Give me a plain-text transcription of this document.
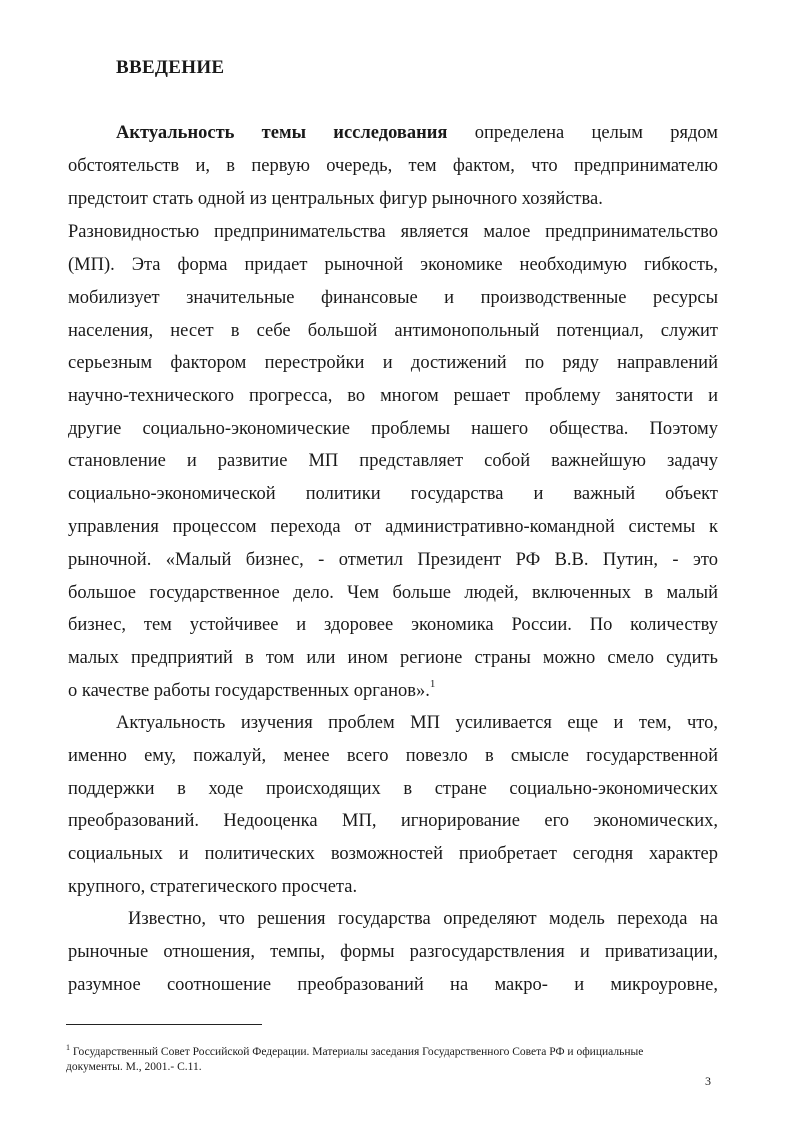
ВВЕДЕНИЕ
Актуальность темы исследования определена целым рядом
обстоятельств и, в первую очередь, тем фактом, что предпринимателю
предстоит стать одной из центральных фигур рыночного хозяйства.
Разновидностью предпринимательства является малое предпринимательство
(МП). Эта форма придает рыночной экономике необходимую гибкость,
мобилизует значительные финансовые и производственные ресурсы
населения, несет в себе большой антимонопольный потенциал, служит
серьезным фактором перестройки и достижений по ряду направлений
научно-технического прогресса, во многом решает проблему занятости и
другие социально-экономические проблемы нашего общества. Поэтому
становление и развитие МП представляет собой важнейшую задачу
социально-экономической политики государства и важный объект
управления процессом перехода от административно-командной системы к
рыночной. «Малый бизнес, - отметил Президент РФ В.В. Путин, - это
большое государственное дело. Чем больше людей, включенных в малый
бизнес, тем устойчивее и здоровее экономика России. По количеству
малых предприятий в том или ином регионе страны можно смело судить
о качестве работы государственных органов».$^1$
Актуальность изучения проблем МП усиливается еще и тем, что,
именно ему, пожалуй, менее всего повезло в смысле государственной
поддержки в ходе происходящих в стране социально-экономических
преобразований. Недооценка МП, игнорирование его экономических,
социальных и политических возможностей приобретает сегодня характер
крупного, стратегического просчета.
Известно, что решения государства определяют модель перехода на
рыночные отношения, темпы, формы разгосударствления и приватизации,
разумное соотношение преобразований на макро- и микроуровне,
$^1$ Государственный Совет Российской Федерации. Материалы заседания Государственного Совета РФ и официальные
документы. М., 2001.- С.11.
3
